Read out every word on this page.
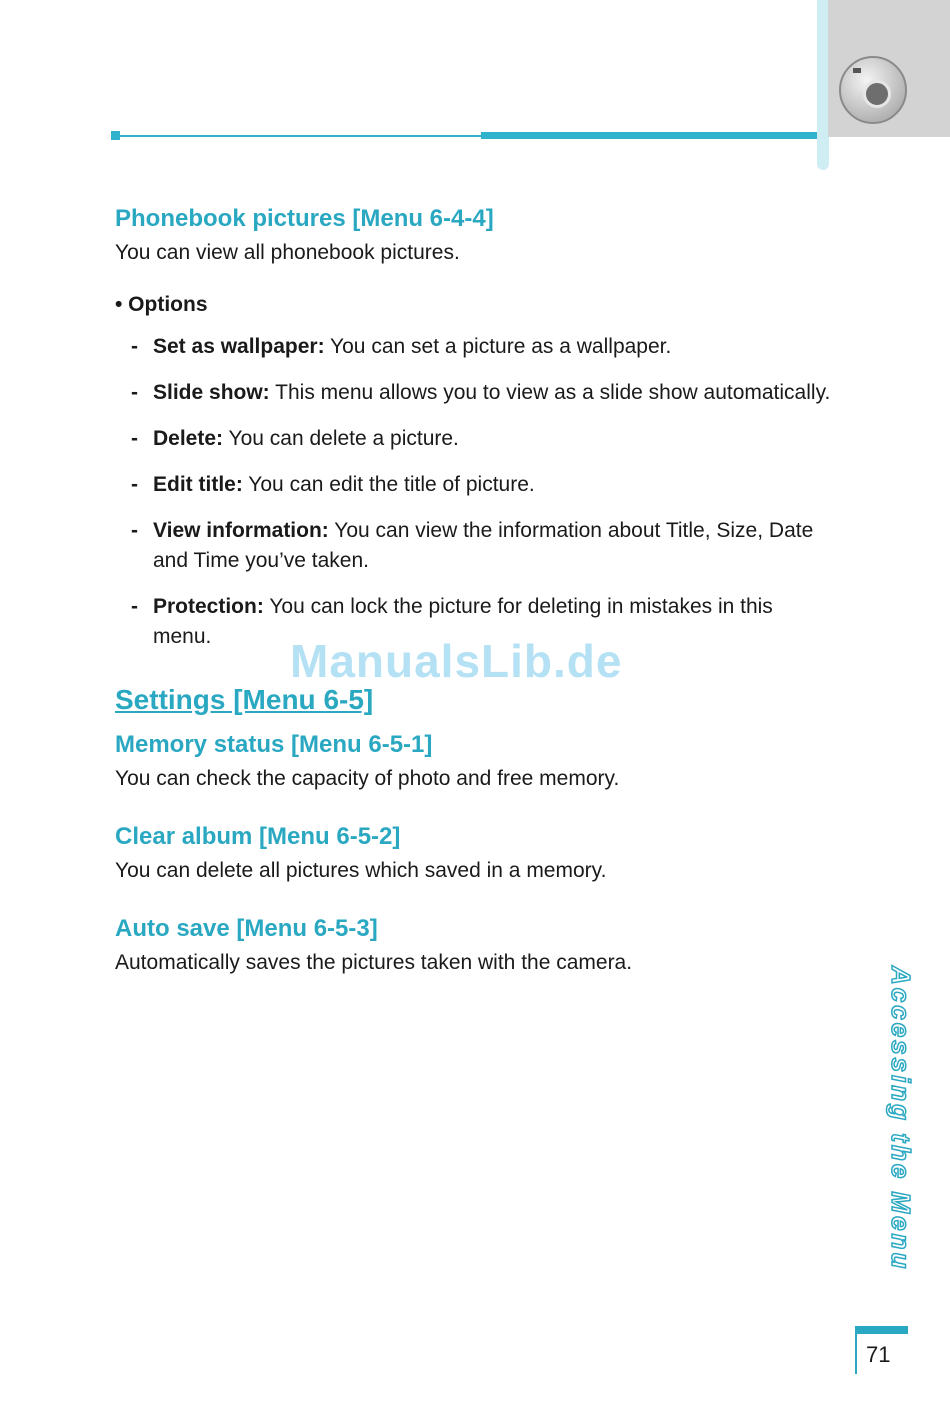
Phonebook pictures [Menu 6-4-4]

You can view all phonebook pictures.

• Options

- Set as wallpaper: You can set a picture as a wallpaper.
- Slide show: This menu allows you to view as a slide show automatically.
- Delete: You can delete a picture.
- Edit title: You can edit the title of picture.
- View information: You can view the information about Title, Size, Date and Time you’ve taken.
- Protection: You can lock the picture for deleting in mistakes in this menu.
Settings [Menu 6-5]
Memory status [Menu 6-5-1]

You can check the capacity of photo and free memory.

Clear album [Menu 6-5-2]

You can delete all pictures which saved in a memory.

Auto save [Menu 6-5-3]

Automatically saves the pictures taken with the camera.

ManualsLib.de
Accessing the Menu
71
